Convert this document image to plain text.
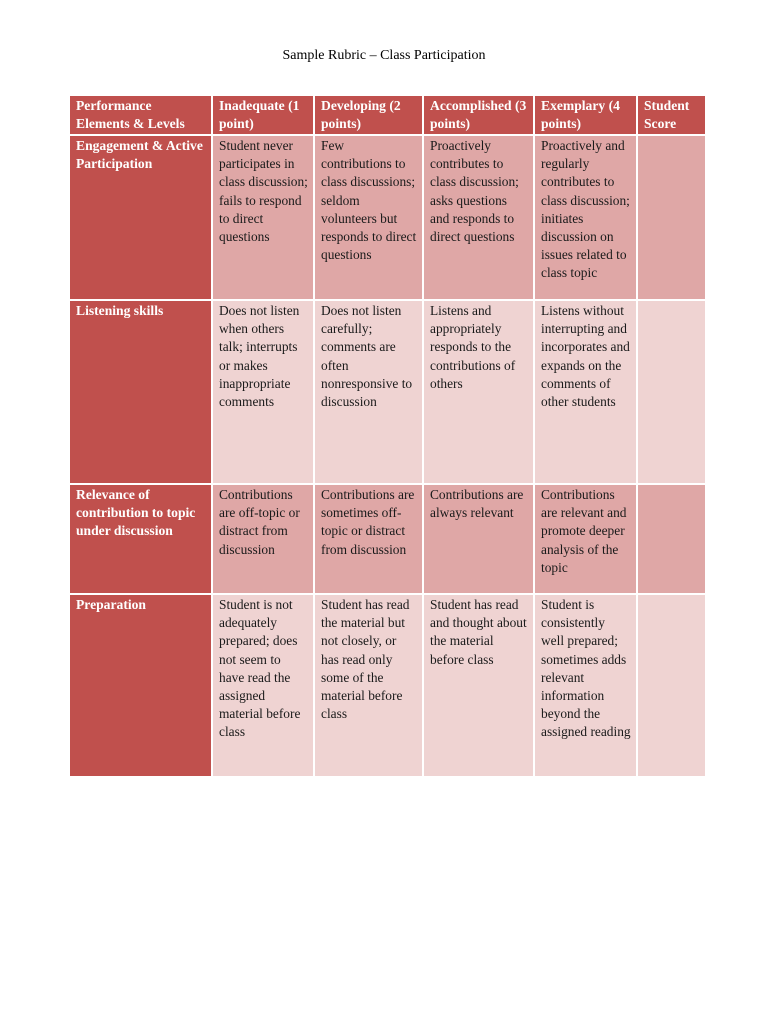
Sample Rubric – Class Participation
Performance Elements & Levels	Inadequate (1 point)	Developing (2 points)	Accomplished (3 points)	Exemplary (4 points)	Student Score
Engagement & Active Participation	Student never participates in class discussion; fails to respond to direct questions	Few contributions to class discussions; seldom volunteers but responds to direct questions	Proactively contributes to class discussion; asks questions and responds to direct questions	Proactively and regularly contributes to class discussion; initiates discussion on issues related to class topic	
Listening skills	Does not listen when others talk; interrupts or makes inappropriate comments	Does not listen carefully; comments are often nonresponsive to discussion	Listens and appropriately responds to the contributions of others	Listens without interrupting and incorporates and expands on the comments of other students	
Relevance of contribution to topic under discussion	Contributions are off-topic or distract from discussion	Contributions are sometimes off-topic or distract from discussion	Contributions are always relevant	Contributions are relevant and promote deeper analysis of the topic	
Preparation	Student is not adequately prepared; does not seem to have read the assigned material before class	Student has read the material but not closely, or has read only some of the material before class	Student has read and thought about the material before class	Student is consistently well prepared; sometimes adds relevant information beyond the assigned reading	
